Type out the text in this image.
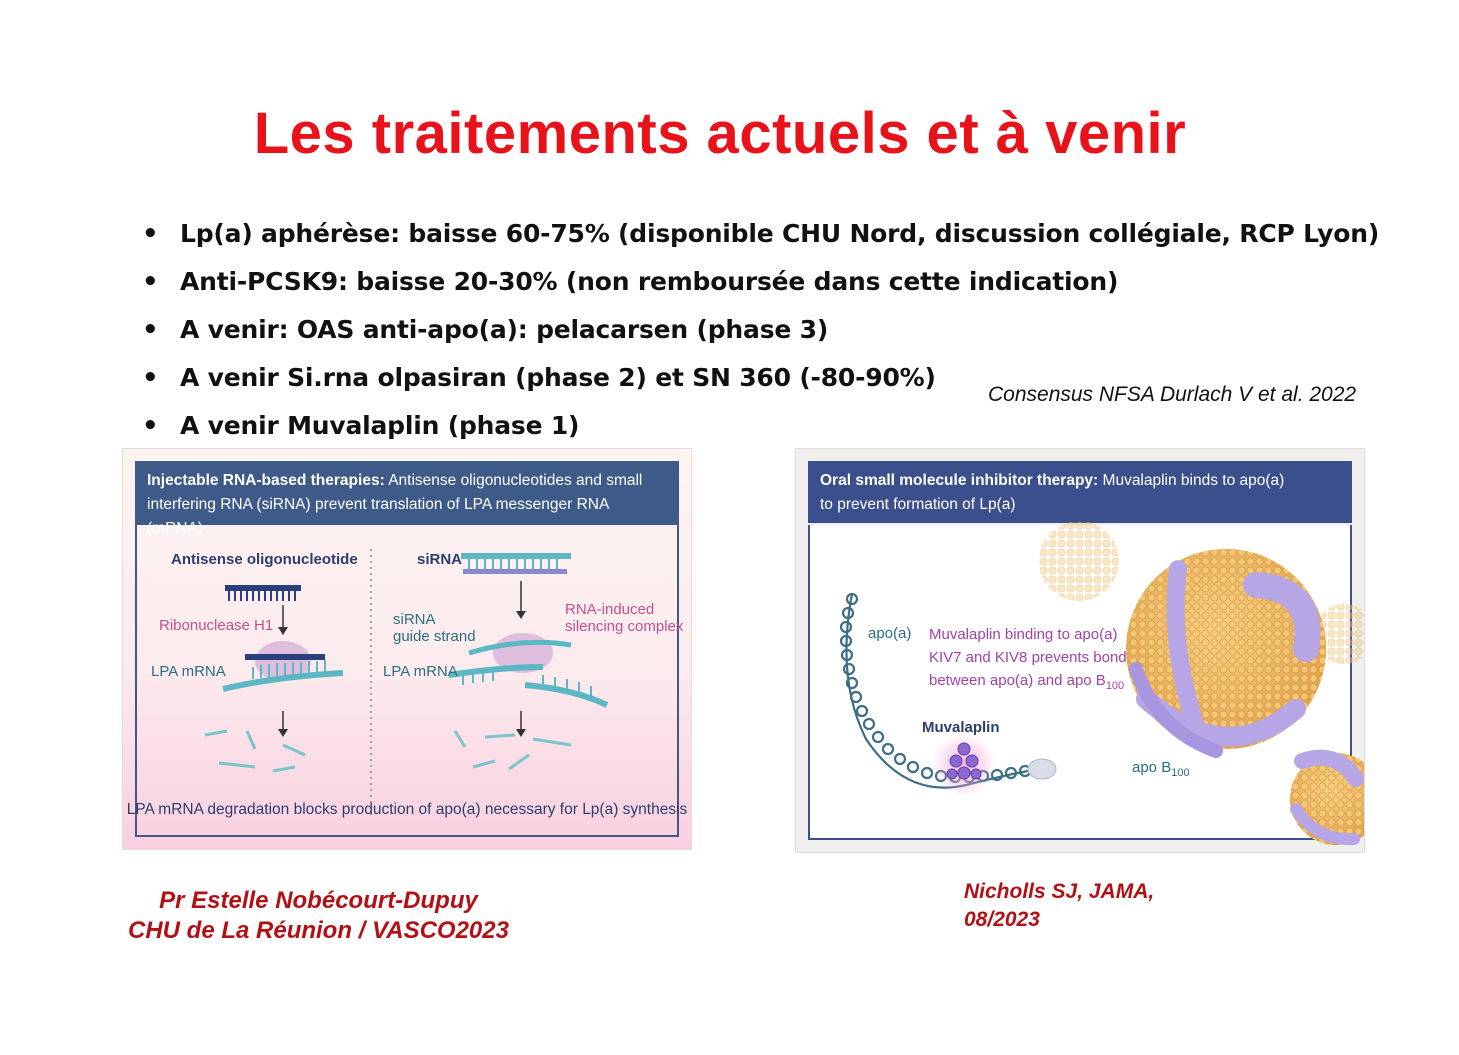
Les traitements actuels et à venir
• Lp(a) aphérèse: baisse 60-75% (disponible CHU Nord, discussion collégiale, RCP Lyon)
• Anti-PCSK9: baisse 20-30% (non remboursée dans cette indication)
• A venir: OAS anti-apo(a): pelacarsen (phase 3)
• A venir Si.rna olpasiran (phase 2) et SN 360 (-80-90%)
• A venir Muvalaplin (phase 1)
Consensus NFSA Durlach V et al. 2022
Injectable RNA-based therapies: Antisense oligonucleotides and small
interfering RNA (siRNA) prevent translation of LPA messenger RNA (mRNA)
Antisense oligonucleotide
Ribonuclease H1
LPA mRNA
siRNA
siRNA
guide strand
RNA-induced
silencing complex
LPA mRNA
LPA mRNA degradation blocks production of apo(a) necessary for Lp(a) synthesis
Oral small molecule inhibitor therapy: Muvalaplin binds to apo(a)
to prevent formation of Lp(a)
apo(a) Muvalaplin binding to apo(a)
KIV7 and KIV8 prevents bond
between apo(a) and apo $B_{100}$
Muvalaplin
apo $B_{100}$
Pr Estelle Nobécourt-Dupuy
CHU de La Réunion / VASCO2023
Nicholls SJ, JAMA,
08/2023
